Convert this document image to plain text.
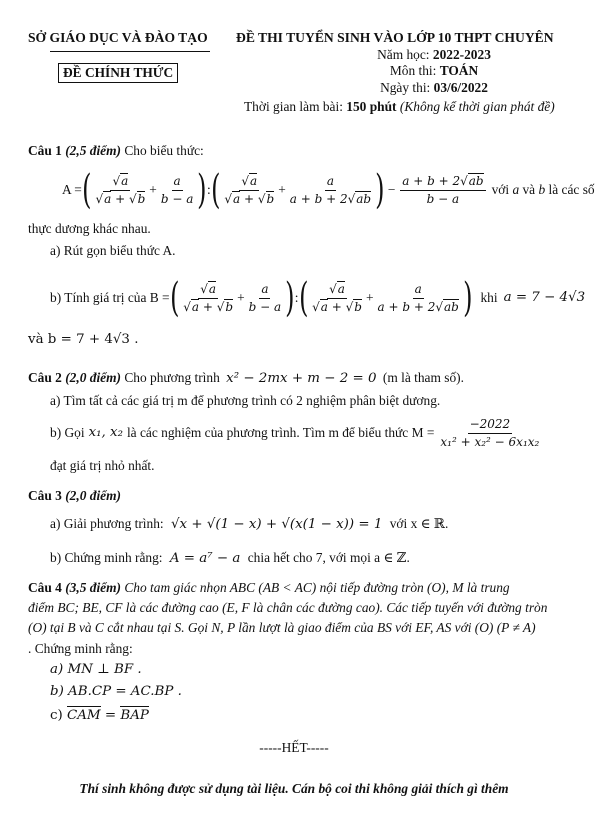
SỞ GIÁO DỤC VÀ ĐÀO TẠO
ĐỀ CHÍNH THỨC
ĐỀ THI TUYỂN SINH VÀO LỚP 10 THPT CHUYÊN
Năm học: 2022-2023
Môn thi: TOÁN
Ngày thi: 03/6/2022
Thời gian làm bài: 150 phút (Không kể thời gian phát đề)
Câu 1 (2,5 điểm) Cho biểu thức:
A = ( $\frac{√a}{√a + √b} + \frac{a}{b - a}$ ) : ( $\frac{√a}{√a + √b} + \frac{a}{a + b + 2√ab}$ ) − $\frac{a + b + 2√ab}{b - a}$ với a và b là các số
thực dương khác nhau.
a) Rút gọn biểu thức A.
b) Tính giá trị của B = ( $\frac{√a}{√a + √b} + \frac{a}{b - a}$ ) : ( $\frac{√a}{√a + √b} + \frac{a}{a + b + 2√ab}$ ) khi a = 7 − 4√3
và b = 7 + 4√3 .
Câu 2 (2,0 điểm) Cho phương trình x² − 2mx + m − 2 = 0 (m là tham số).
a) Tìm tất cả các giá trị m để phương trình có 2 nghiệm phân biệt dương.
b) Gọi x₁, x₂ là các nghiệm của phương trình. Tìm m để biểu thức $M = \frac{-2022}{\text{x₁² + x₂² − 6x₁x₂}}$
đạt giá trị nhỏ nhất.
Câu 3 (2,0 điểm)
a) Giải phương trình: √x + √(1 − x) + √(x(1 − x)) = 1 với x ∈ ℝ.
b) Chứng minh rằng: A = a⁷ − a chia hết cho 7, với mọi a ∈ ℤ.
Câu 4 (3,5 điểm) Cho tam giác nhọn ABC (AB < AC) nội tiếp đường tròn (O), M là trung
điểm BC; BE, CF là các đường cao (E, F là chân các đường cao). Các tiếp tuyến với đường tròn
(O) tại B và C cắt nhau tại S. Gọi N, P lần lượt là giao điểm của BS với EF, AS với (O) (P ≠ A)
. Chứng minh rằng:
a) MN ⊥ BF .
b) AB.CP = AC.BP .
c) CAM = BAP
-----HẾT-----
Thí sinh không được sử dụng tài liệu. Cán bộ coi thi không giải thích gì thêm
